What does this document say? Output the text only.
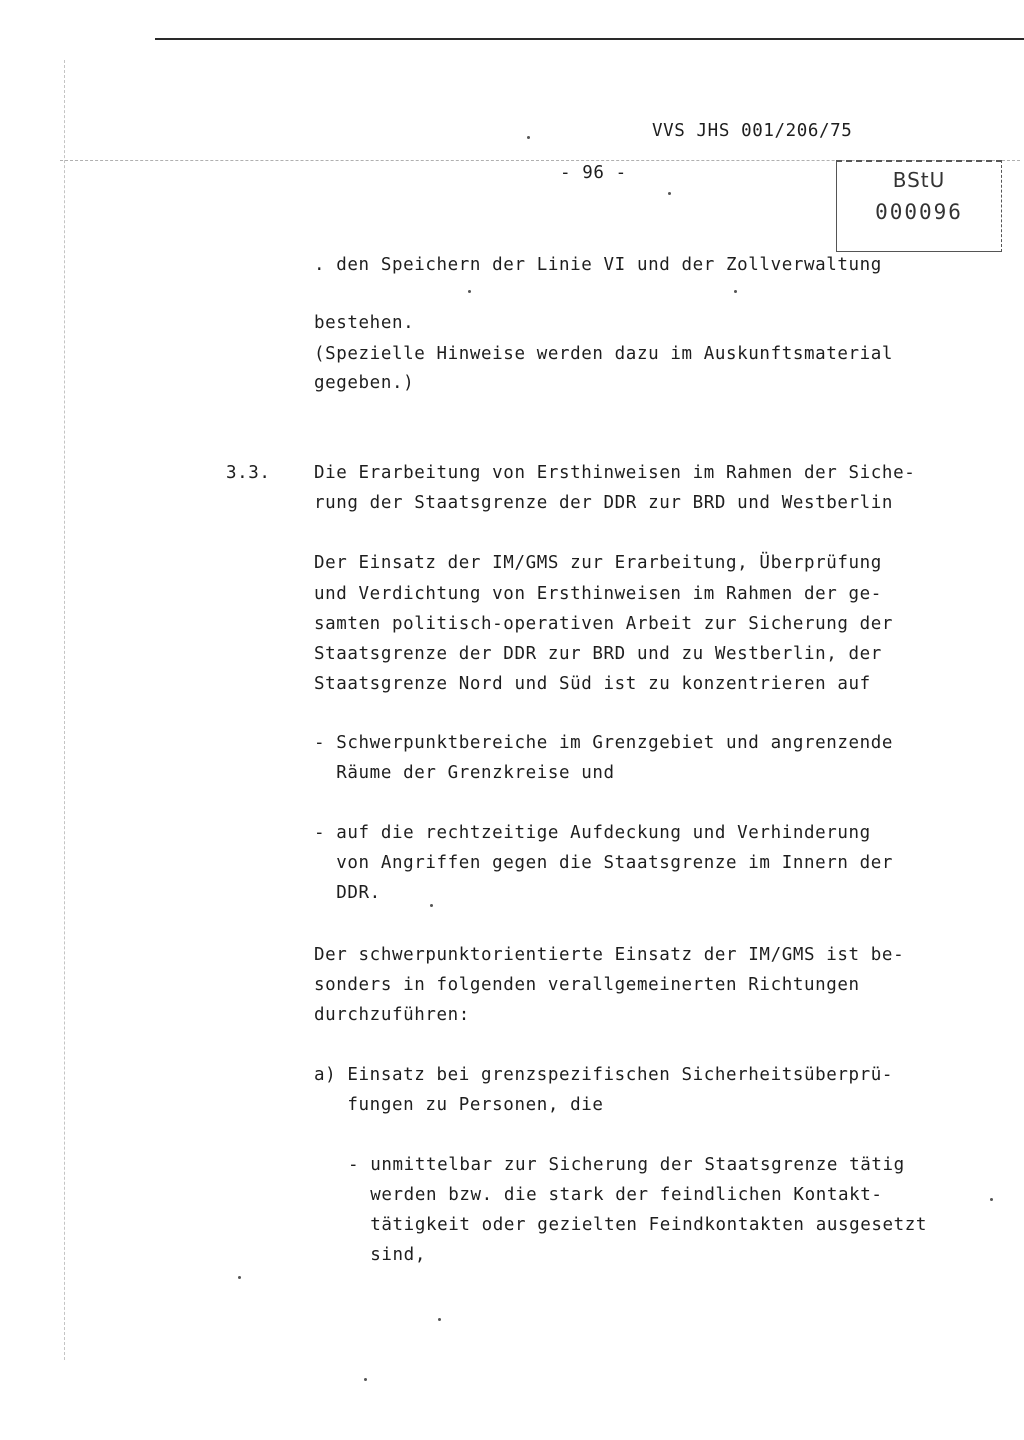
VVS JHS 001/206/75
- 96 -	BStU
000096
. den Speichern der Linie VI und der Zollverwaltung
bestehen.
(Spezielle Hinweise werden dazu im Auskunftsmaterial
gegeben.)
3.3. Die Erarbeitung von Ersthinweisen im Rahmen der Siche-
rung der Staatsgrenze der DDR zur BRD und Westberlin
Der Einsatz der IM/GMS zur Erarbeitung, Überprüfung
und Verdichtung von Ersthinweisen im Rahmen der ge-
samten politisch-operativen Arbeit zur Sicherung der
Staatsgrenze der DDR zur BRD und zu Westberlin, der
Staatsgrenze Nord und Süd ist zu konzentrieren auf
- Schwerpunktbereiche im Grenzgebiet und angrenzende
Räume der Grenzkreise und
- auf die rechtzeitige Aufdeckung und Verhinderung
von Angriffen gegen die Staatsgrenze im Innern der
DDR.
Der schwerpunktorientierte Einsatz der IM/GMS ist be-
sonders in folgenden verallgemeinerten Richtungen
durchzuführen:
a) Einsatz bei grenzspezifischen Sicherheitsüberprü-
fungen zu Personen, die
- unmittelbar zur Sicherung der Staatsgrenze tätig
werden bzw. die stark der feindlichen Kontakt-
tätigkeit oder gezielten Feindkontakten ausgesetzt
sind,
